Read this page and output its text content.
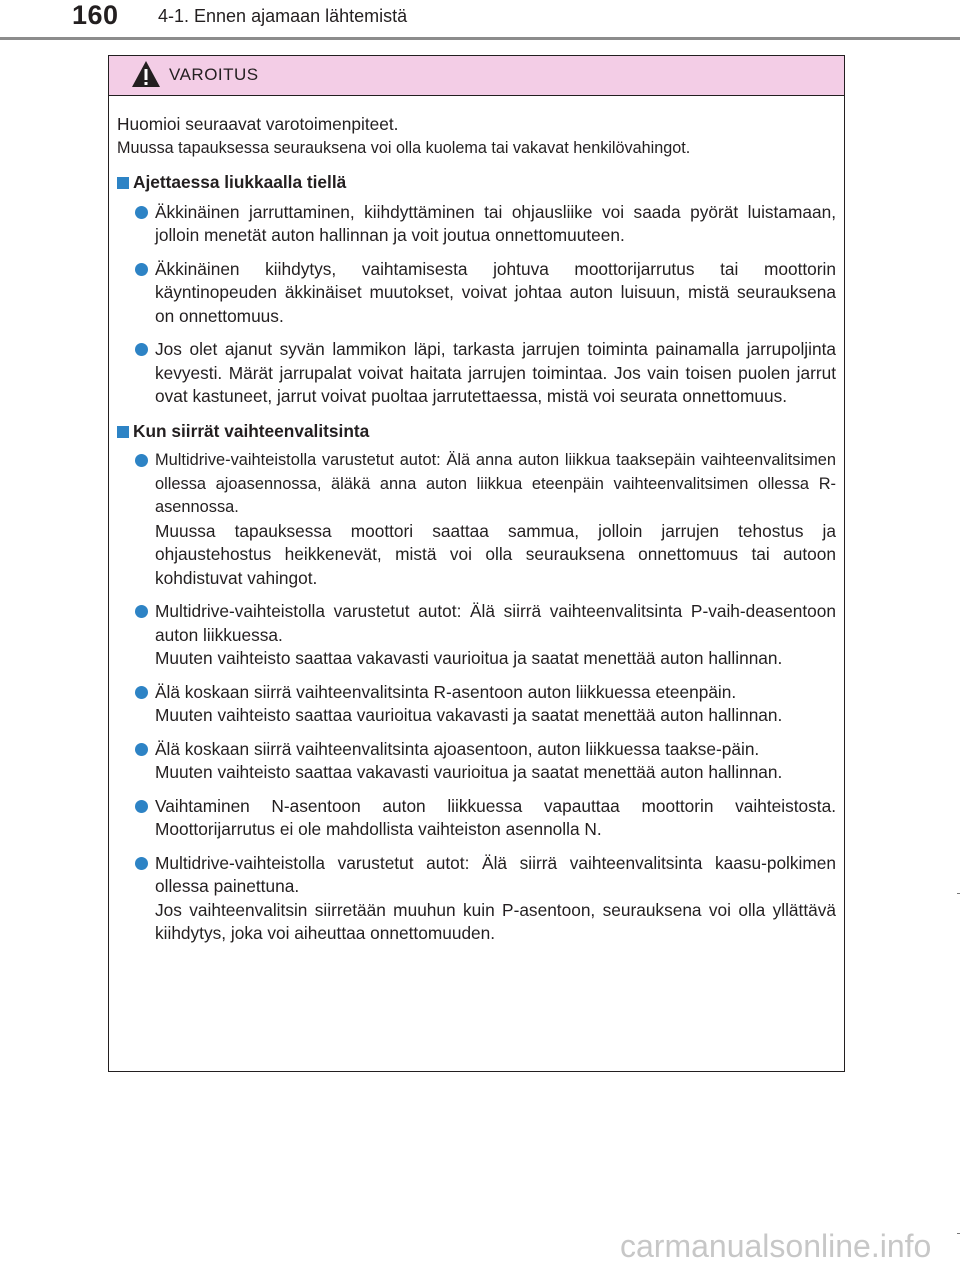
160 4-1. Ennen ajamaan lähtemistä
VAROITUS

Huomioi seuraavat varotoimenpiteet.

Muussa tapauksessa seurauksena voi olla kuolema tai vakavat henkilövahingot.

Ajettaessa liukkaalla tiellä

Äkkinäinen jarruttaminen, kiihdyttäminen tai ohjausliike voi saada pyörät luistamaan, jolloin menetät auton hallinnan ja voit joutua onnettomuuteen.

Äkkinäinen kiihdytys, vaihtamisesta johtuva moottorijarrutus tai moottorin käyntinopeuden äkkinäiset muutokset, voivat johtaa auton luisuun, mistä seurauksena on onnettomuus.

Jos olet ajanut syvän lammikon läpi, tarkasta jarrujen toiminta painamalla jarrupoljinta kevyesti. Märät jarrupalat voivat haitata jarrujen toimintaa. Jos vain toisen puolen jarrut ovat kastuneet, jarrut voivat puoltaa jarrutettaessa, mistä voi seurata onnettomuus.

Kun siirrät vaihteenvalitsinta

Multidrive-vaihteistolla varustetut autot: Älä anna auton liikkua taaksepäin vaihteenvalitsimen ollessa ajoasennossa, äläkä anna auton liikkua eteenpäin vaihteenvalitsimen ollessa R-asennossa.

Muussa tapauksessa moottori saattaa sammua, jolloin jarrujen tehostus ja ohjaustehostus heikkenevät, mistä voi olla seurauksena onnettomuus tai autoon kohdistuvat vahingot.

Multidrive-vaihteistolla varustetut autot: Älä siirrä vaihteenvalitsinta P-vaih-deasentoon auton liikkuessa.

Muuten vaihteisto saattaa vakavasti vaurioitua ja saatat menettää auton hallinnan.

Älä koskaan siirrä vaihteenvalitsinta R-asentoon auton liikkuessa eteenpäin.

Muuten vaihteisto saattaa vaurioitua vakavasti ja saatat menettää auton hallinnan.

Älä koskaan siirrä vaihteenvalitsinta ajoasentoon, auton liikkuessa taakse-päin.

Muuten vaihteisto saattaa vakavasti vaurioitua ja saatat menettää auton hallinnan.

Vaihtaminen N-asentoon auton liikkuessa vapauttaa moottorin vaihteistosta. Moottorijarrutus ei ole mahdollista vaihteiston asennolla N.

Multidrive-vaihteistolla varustetut autot: Älä siirrä vaihteenvalitsinta kaasu-polkimen ollessa painettuna.

Jos vaihteenvalitsin siirretään muuhun kuin P-asentoon, seurauksena voi olla yllättävä kiihdytys, joka voi aiheuttaa onnettomuuden.

carmanualsonline.info
